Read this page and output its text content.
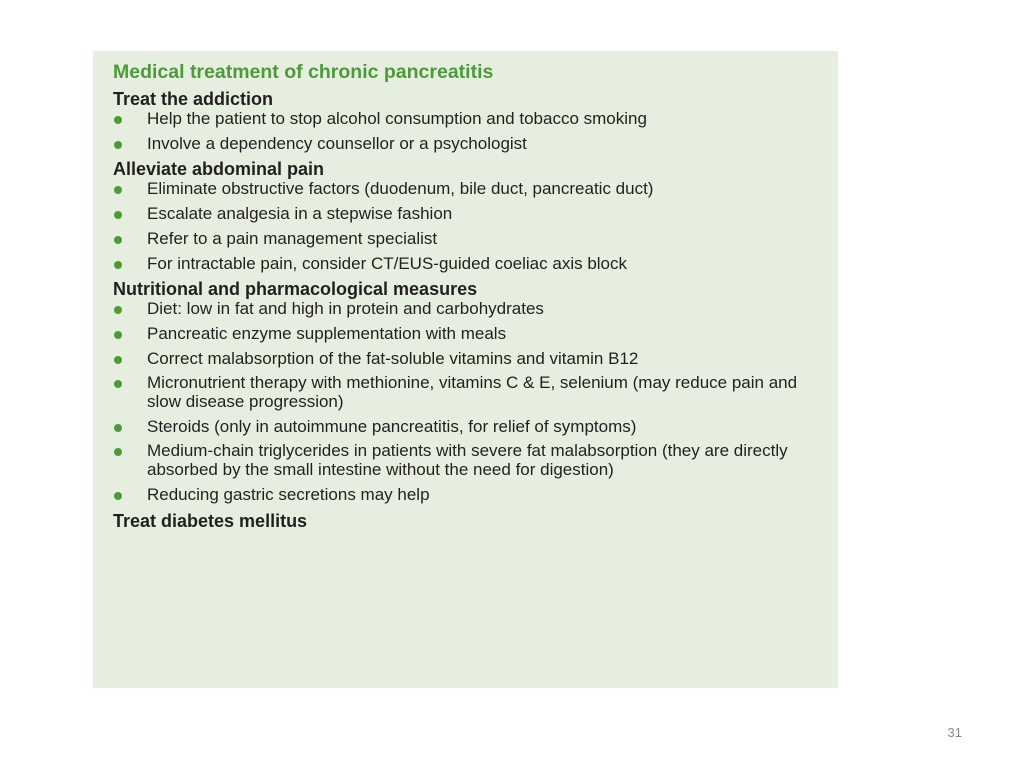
Medical treatment of chronic pancreatitis
Treat the addiction
Help the patient to stop alcohol consumption and tobacco smoking
Involve a dependency counsellor or a psychologist
Alleviate abdominal pain
Eliminate obstructive factors (duodenum, bile duct, pancreatic duct)
Escalate analgesia in a stepwise fashion
Refer to a pain management specialist
For intractable pain, consider CT/EUS-guided coeliac axis block
Nutritional and pharmacological measures
Diet: low in fat and high in protein and carbohydrates
Pancreatic enzyme supplementation with meals
Correct malabsorption of the fat-soluble vitamins and vitamin B12
Micronutrient therapy with methionine, vitamins C & E, selenium (may reduce pain and slow disease progression)
Steroids (only in autoimmune pancreatitis, for relief of symptoms)
Medium-chain triglycerides in patients with severe fat malabsorption (they are directly absorbed by the small intestine without the need for digestion)
Reducing gastric secretions may help
Treat diabetes mellitus
31
